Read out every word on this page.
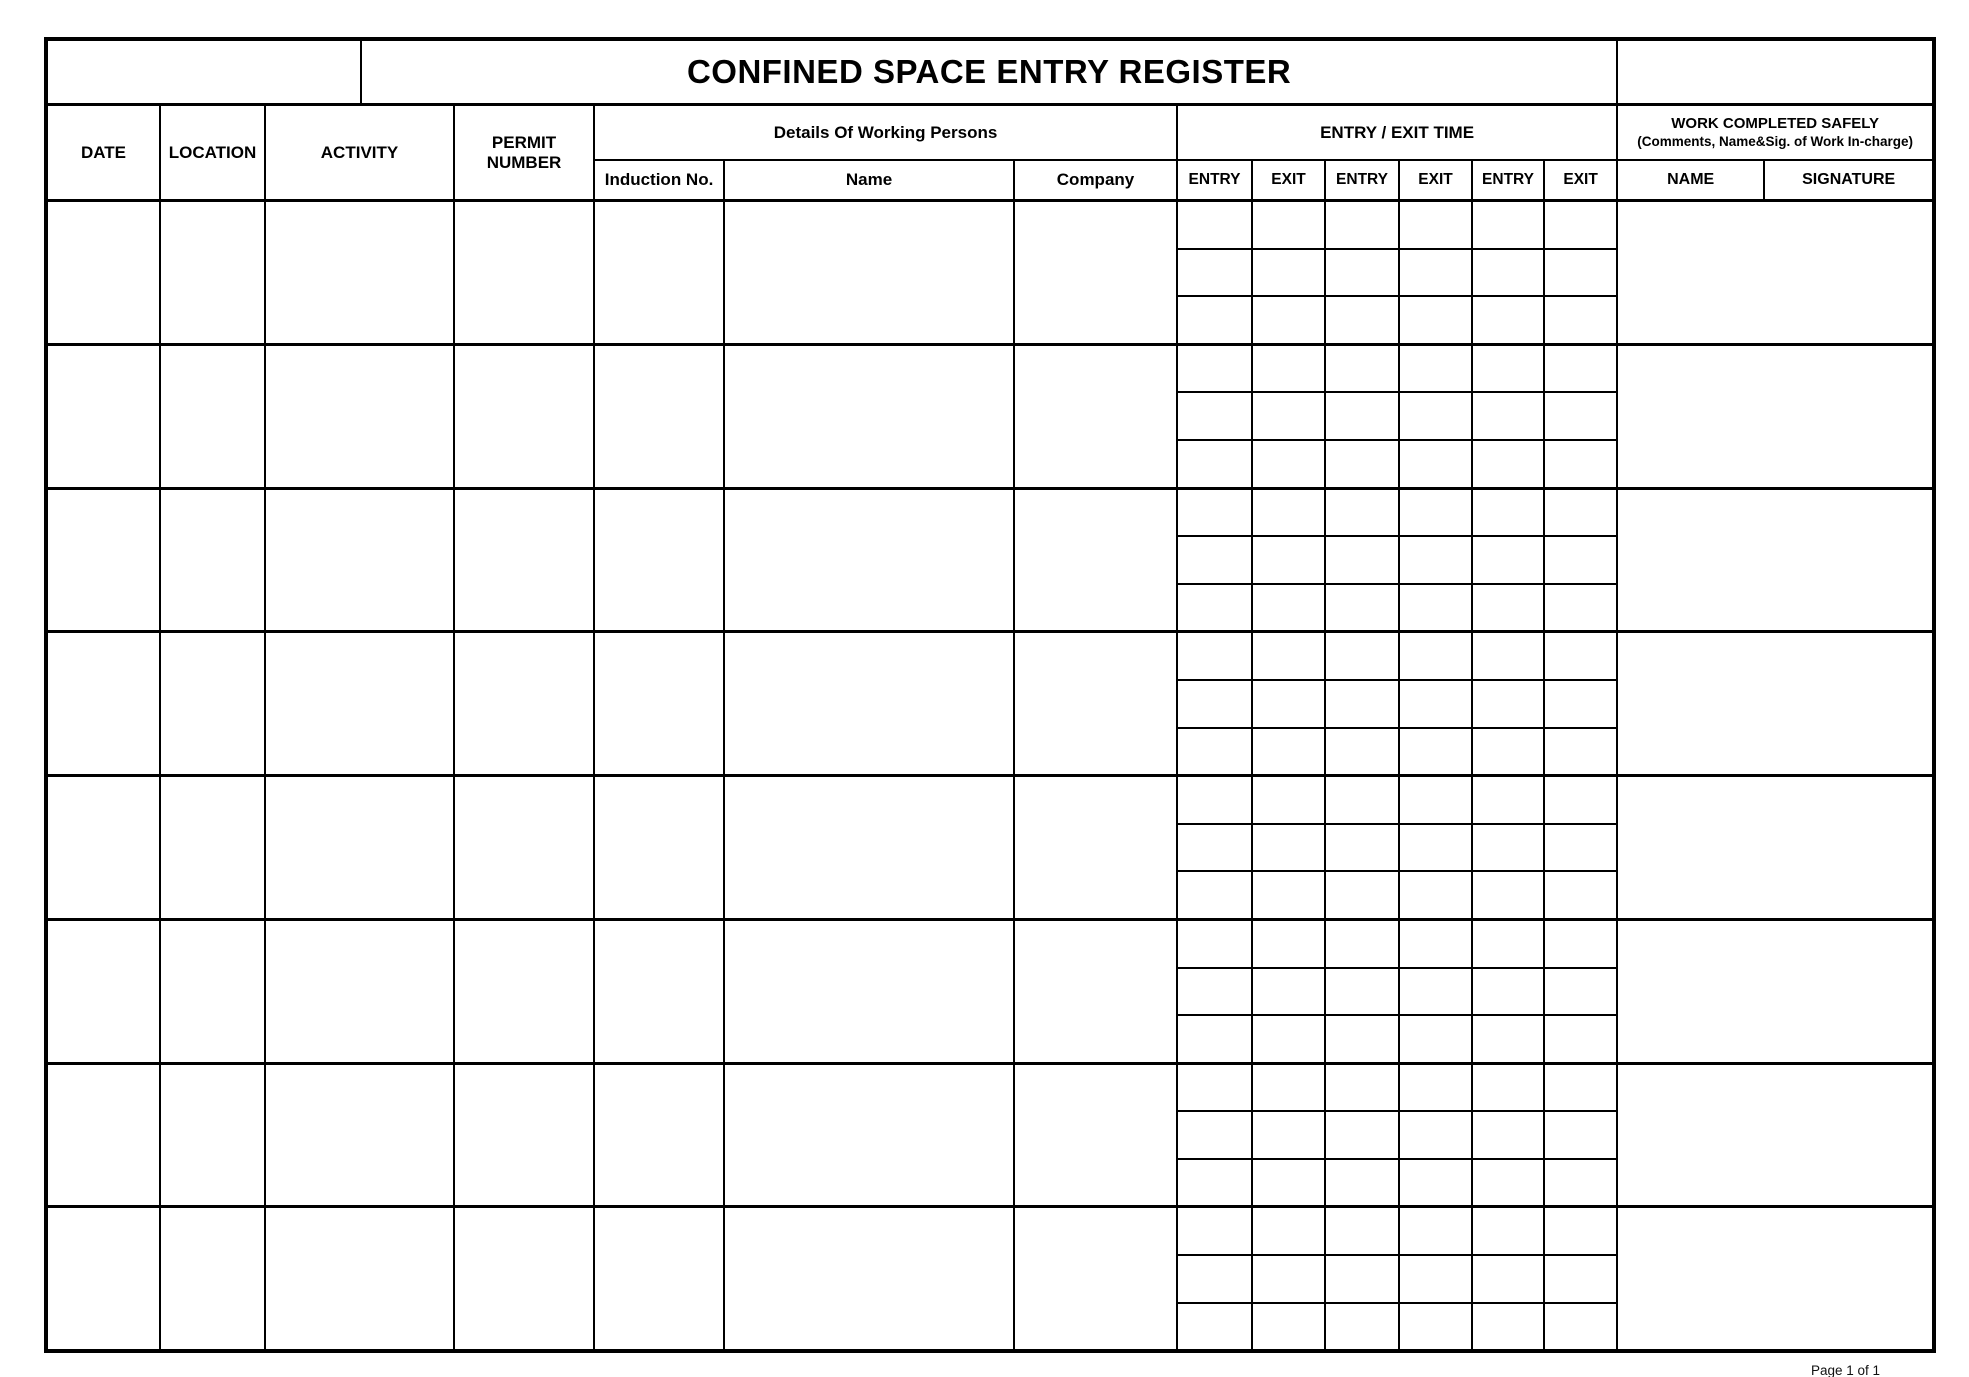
			CONFINED SPACE ENTRY REGISTER												
DATE	LOCATION	ACTIVITY		PERMIT NUMBER	Details Of Working Persons			ENTRY / EXIT TIME						WORK COMPLETED SAFELY
(Comments, Name&Sig. of Work In-charge)	

					Induction No.	Name	Company	ENTRY	EXIT	ENTRY	EXIT	ENTRY	EXIT	NAME	SIGNATURE

Page 1 of 1
